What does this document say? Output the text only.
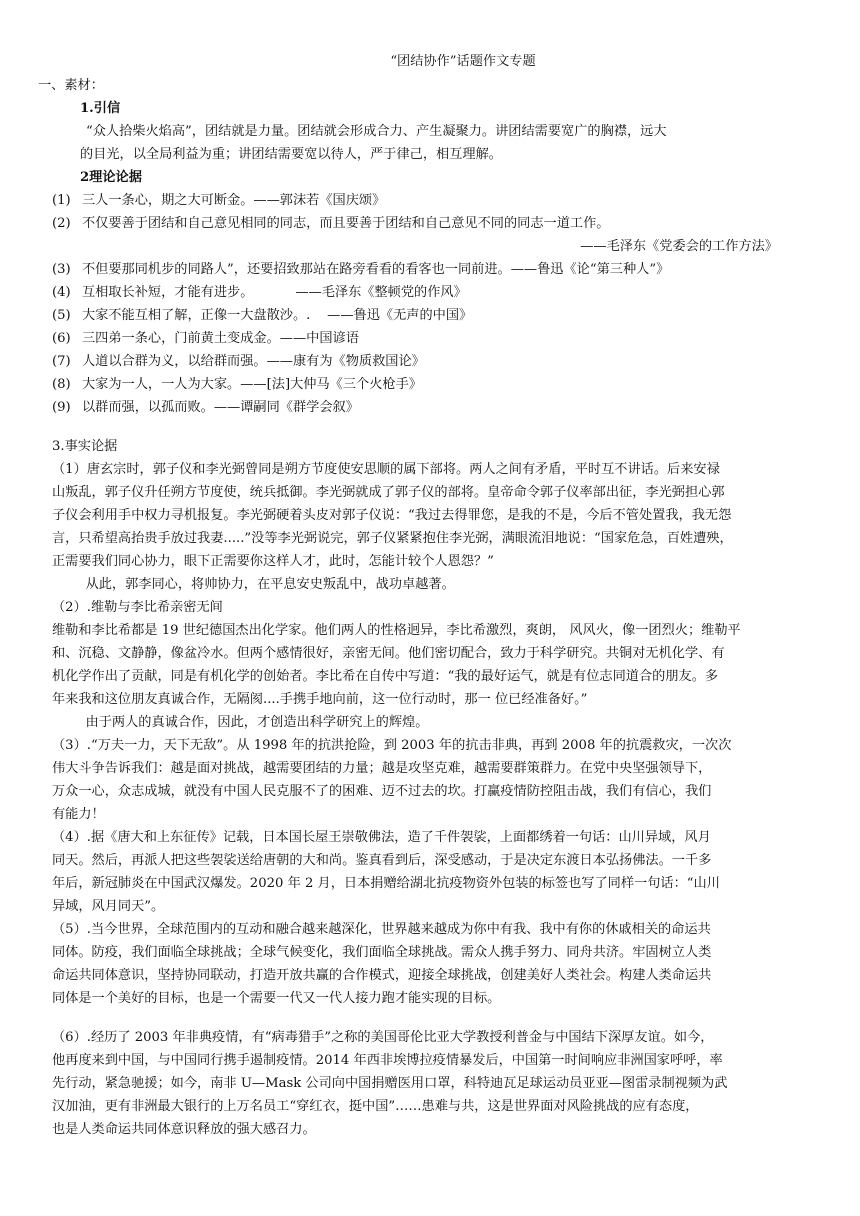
“团结协作”话题作文专题
一、素材：
1.引信
“众人拾柴火焰高”，团结就是力量。团结就会形成合力、产生凝聚力。讲团结需要宽广的胸襟，远大
的目光，以全局利益为重；讲团结需要宽以待人，严于律己，相互理解。
2理论论据
(1) 三人一条心，期之大可断金。——郭沫若《国庆颂》
(2) 不仅要善于团结和自己意见相同的同志，而且要善于团结和自己意见不同的同志一道工作。
——毛泽东《党委会的工作方法》
(3) 不但要那同机步的同路人”，还要招致那站在路旁看看的看客也一同前进。——鲁迅《论“第三种人”》
(4) 互相取长补短，才能有进步。          ——毛泽东《整顿党的作风》
(5) 大家不能互相了解，正像一大盘散沙。.    ——鲁迅《无声的中国》
(6) 三四弟一条心，门前黄土变成金。——中国谚语
(7) 人道以合群为义，以给群而强。——康有为《物质救国论》
(8) 大家为一人，一人为大家。——[法]大仲马《三个火枪手》
(9) 以群而强，以孤而败。——谭嗣同《群学会叙》
3.事实论据
（1）唐玄宗时，郭子仪和李光弼曾同是朔方节度使安思顺的属下部将。两人之间有矛盾，平时互不讲话。后来安禄
山叛乱，郭子仪升任朔方节度使，统兵抵御。李光弼就成了郭子仪的部将。皇帝命令郭子仪率部出征，李光弼担心郭
子仪会利用手中权力寻机报复。李光弼硬着头皮对郭子仪说：“我过去得罪您，是我的不是，今后不管处置我，我无怨
言，只希望高抬贵手放过我妻.....”没等李光弼说完，郭子仪紧紧抱住李光弼，满眼流泪地说：“国家危急，百姓遭殃，
正需要我们同心协力，眼下正需要你这样人才，此时，怎能计较个人恩怨？”
从此，郭李同心，将帅协力，在平息安史叛乱中，战功卓越著。
（2）.维勒与李比希亲密无间
维勒和李比希都是 19 世纪德国杰出化学家。他们两人的性格迥异，李比希激烈，爽朗， 风风火，像一团烈火；维勒平
和、沉稳、文静静，像盆冷水。但两个感情很好，亲密无间。他们密切配合，致力于科学研究。共铜对无机化学、有
机化学作出了贡献，同是有机化学的创始者。李比希在自传中写道：“我的最好运气，就是有位志同道合的朋友。多
年来我和这位朋友真诚合作，无隔阂....手携手地向前，这一位行动时，那一 位已经准备好。”
由于两人的真诚合作，因此，才创造出科学研究上的辉煌。
（3）.“万夫一力，天下无敌”。从 1998 年的抗洪抢险，到 2003 年的抗击非典，再到 2008 年的抗震救灾，一次次
伟大斗争告诉我们：越是面对挑战，越需要团结的力量；越是攻坚克难，越需要群策群力。在党中央坚强领导下，
万众一心，众志成城，就没有中国人民克服不了的困难、迈不过去的坎。打赢疫情防控阻击战，我们有信心，我们
有能力！
（4）.据《唐大和上东征传》记载，日本国长屋王崇敬佛法，造了千件袈裟，上面都绣着一句话：山川异域，风月
同天。然后，再派人把这些袈裟送给唐朝的大和尚。鉴真看到后，深受感动，于是决定东渡日本弘扬佛法。一千多
年后，新冠肺炎在中国武汉爆发。2020 年 2 月，日本捐赠给湖北抗疫物资外包装的标签也写了同样一句话：“山川
异域，风月同天”。
（5）.当今世界，全球范围内的互动和融合越来越深化，世界越来越成为你中有我、我中有你的休戚相关的命运共
同体。防疫，我们面临全球挑战；全球气候变化，我们面临全球挑战。需众人携手努力、同舟共济。牢固树立人类
命运共同体意识，坚持协同联动，打造开放共赢的合作模式，迎接全球挑战，创建美好人类社会。构建人类命运共
同体是一个美好的目标，也是一个需要一代又一代人接力跑才能实现的目标。
（6）.经历了 2003 年非典疫情，有“病毒猎手”之称的美国哥伦比亚大学教授利普金与中国结下深厚友谊。如今，
他再度来到中国，与中国同行携手遏制疫情。2014 年西非埃博拉疫情暴发后，中国第一时间响应非洲国家呼呼，率
先行动，紧急驰援；如今，南非 U—Mask 公司向中国捐赠医用口罩，科特迪瓦足球运动员亚亚—图雷录制视频为武
汉加油，更有非洲最大银行的上万名员工“穿红衣，挺中国”……患难与共，这是世界面对风险挑战的应有态度，
也是人类命运共同体意识释放的强大感召力。
